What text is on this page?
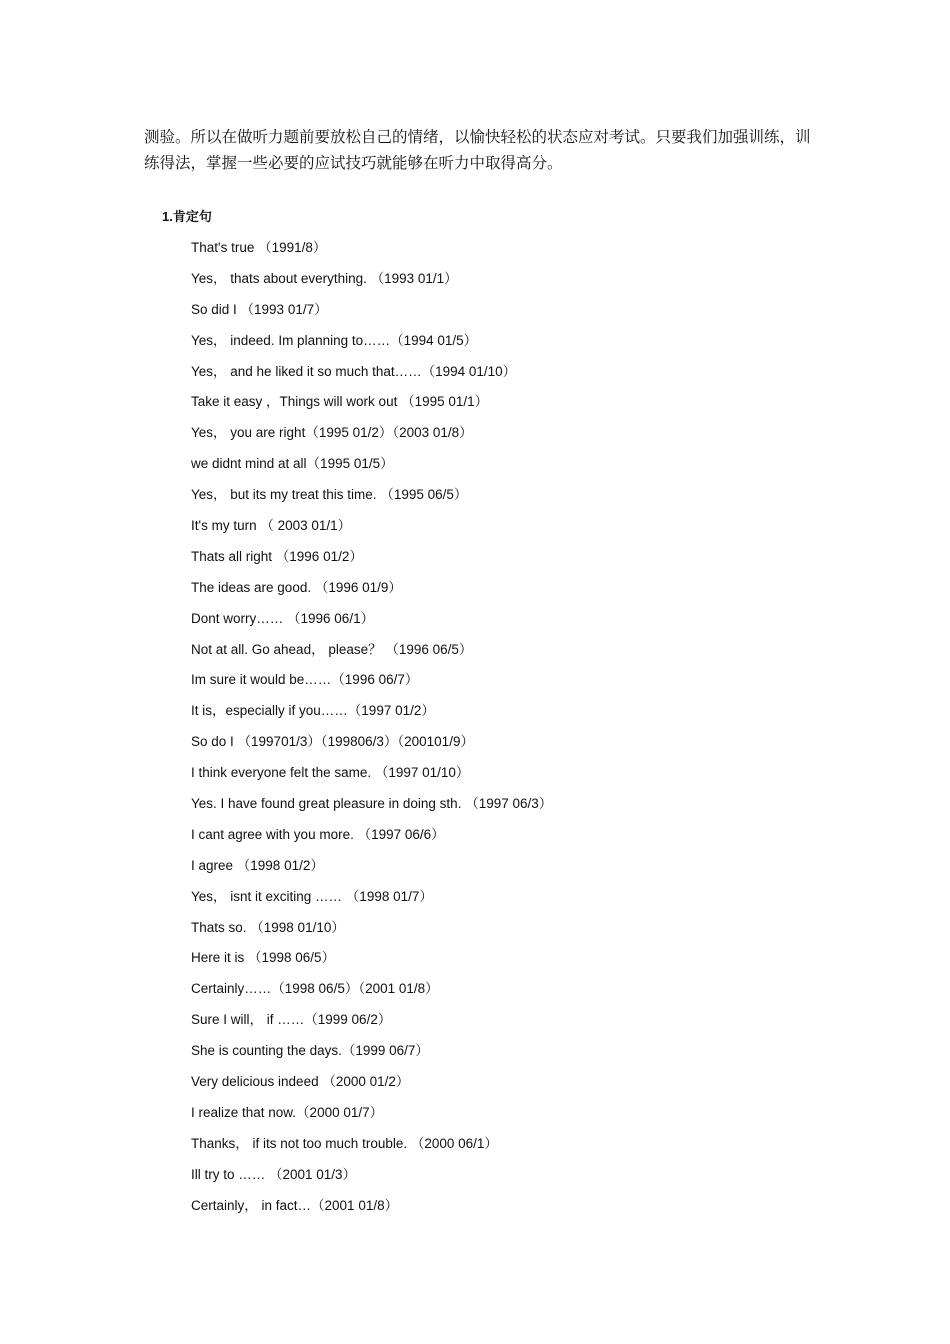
测验。所以在做听力题前要放松自己的情绪，以愉快轻松的状态应对考试。只要我们加强训练，训练得法，掌握一些必要的应试技巧就能够在听力中取得高分。

1.肯定句

That's true （1991/8）
Yes， thats about everything. （1993 01/1）
So did I （1993 01/7）
Yes， indeed. Im planning to……（1994 01/5）
Yes， and he liked it so much that……（1994 01/10）
Take it easy ，Things will work out （1995 01/1）
Yes， you are right（1995 01/2）（2003 01/8）
we didnt mind at all（1995 01/5）
Yes， but its my treat this time. （1995 06/5）
It's my turn （ 2003 01/1）
Thats all right （1996 01/2）
The ideas are good. （1996 01/9）
Dont worry…… （1996 06/1）
Not at all. Go ahead， please？ （1996 06/5）
Im sure it would be……（1996 06/7）
It is，especially if you……（1997 01/2）
So do I （199701/3）（199806/3）（200101/9）
I think everyone felt the same. （1997 01/10）
Yes. I have found great pleasure in doing sth. （1997 06/3）
I cant agree with you more. （1997 06/6）
I agree （1998 01/2）
Yes， isnt it exciting …… （1998 01/7）
Thats so. （1998 01/10）
Here it is （1998 06/5）
Certainly……（1998 06/5）（2001 01/8）
Sure I will， if ……（1999 06/2）
She is counting the days.（1999 06/7）
Very delicious indeed （2000 01/2）
I realize that now.（2000 01/7）
Thanks， if its not too much trouble. （2000 06/1）
Ill try to …… （2001 01/3）
Certainly， in fact…（2001 01/8）
